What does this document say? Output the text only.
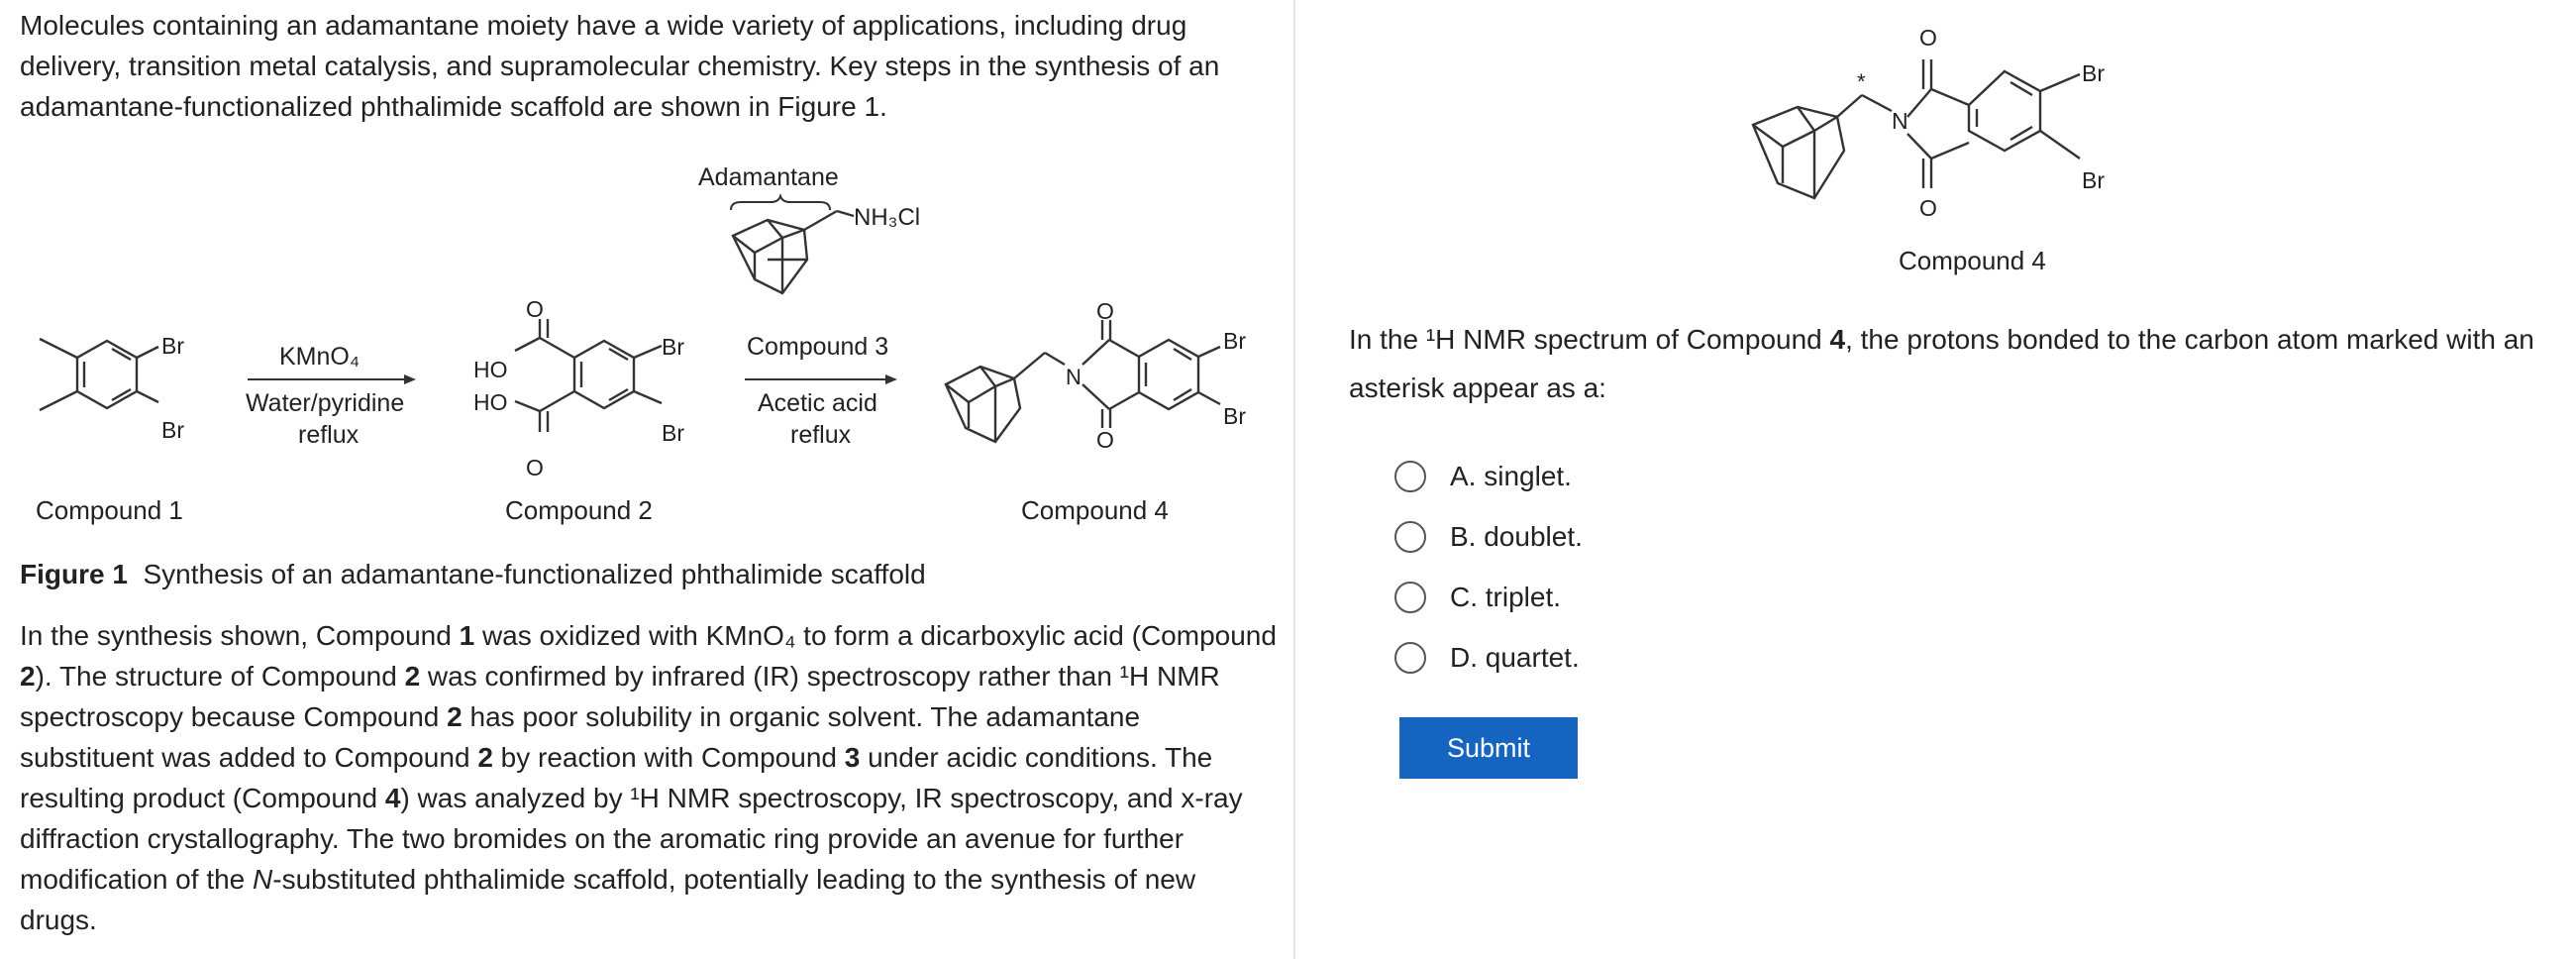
Molecules containing an adamantane moiety have a wide variety of applications, including drug delivery, transition metal catalysis, and supramolecular chemistry. Key steps in the synthesis of an adamantane-functionalized phthalimide scaffold are shown in Figure 1.

Br
Br
KMnO₄
Water/pyridine
reflux
O
O
HO
HO
Br
Br
Adamantane
NH₃Cl
Compound 3
Acetic acid
reflux
N
O
O
Br
Br
Compound 1	Compound 2	Compound 4
Figure 1 Synthesis of an adamantane-functionalized phthalimide scaffold

In the synthesis shown, Compound 1 was oxidized with KMnO₄ to form a dicarboxylic acid (Compound 2). The structure of Compound 2 was confirmed by infrared (IR) spectroscopy rather than ¹H NMR spectroscopy because Compound 2 has poor solubility in organic solvent. The adamantane substituent was added to Compound 2 by reaction with Compound 3 under acidic conditions. The resulting product (Compound 4) was analyzed by ¹H NMR spectroscopy, IR spectroscopy, and x-ray diffraction crystallography. The two bromides on the aromatic ring provide an avenue for further modification of the N-substituted phthalimide scaffold, potentially leading to the synthesis of new drugs.

*
N
O
O
Br
Br
Compound 4
In the ¹H NMR spectrum of Compound 4, the protons bonded to the carbon atom marked with an asterisk appear as a:
A. singlet.
B. doublet.
C. triplet.
D. quartet.
Submit
